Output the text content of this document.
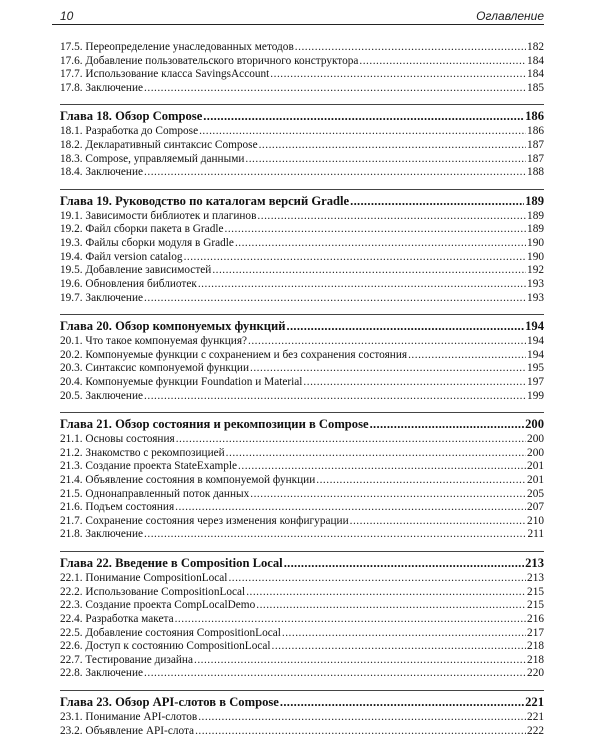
10	Оглавление
17.5. Переопределение унаследованных методов .....	182
17.6. Добавление пользовательского вторичного конструктора .....	184
17.7. Использование класса SavingsAccount .....	184
17.8. Заключение .....	185
Глава 18. Обзор Compose .....	186
18.1. Разработка до Compose .....	186
18.2. Декларативный синтаксис Compose .....	187
18.3. Compose, управляемый данными .....	187
18.4. Заключение .....	188
Глава 19. Руководство по каталогам версий Gradle .....	189
19.1. Зависимости библиотек и плагинов .....	189
19.2. Файл сборки пакета в Gradle .....	189
19.3. Файлы сборки модуля в Gradle .....	190
19.4. Файл version catalog .....	190
19.5. Добавление зависимостей .....	192
19.6. Обновления библиотек .....	193
19.7. Заключение .....	193
Глава 20. Обзор компонуемых функций .....	194
20.1. Что такое компонуемая функция? .....	194
20.2. Компонуемые функции с сохранением и без сохранения состояния .....	194
20.3. Синтаксис компонуемой функции .....	195
20.4. Компонуемые функции Foundation и Material .....	197
20.5. Заключение .....	199
Глава 21. Обзор состояния и рекомпозиции в Compose .....	200
21.1. Основы состояния .....	200
21.2. Знакомство с рекомпозицией .....	200
21.3. Создание проекта StateExample .....	201
21.4. Объявление состояния в компонуемой функции .....	201
21.5. Однонаправленный поток данных .....	205
21.6. Подъем состояния .....	207
21.7. Сохранение состояния через изменения конфигурации .....	210
21.8. Заключение .....	211
Глава 22. Введение в Composition Local .....	213
22.1. Понимание CompositionLocal .....	213
22.2. Использование CompositionLocal .....	215
22.3. Создание проекта CompLocalDemo .....	215
22.4. Разработка макета .....	216
22.5. Добавление состояния CompositionLocal .....	217
22.6. Доступ к состоянию CompositionLocal .....	218
22.7. Тестирование дизайна .....	218
22.8. Заключение .....	220
Глава 23. Обзор API-слотов в Compose .....	221
23.1. Понимание API-слотов .....	221
23.2. Объявление API-слота .....	222
